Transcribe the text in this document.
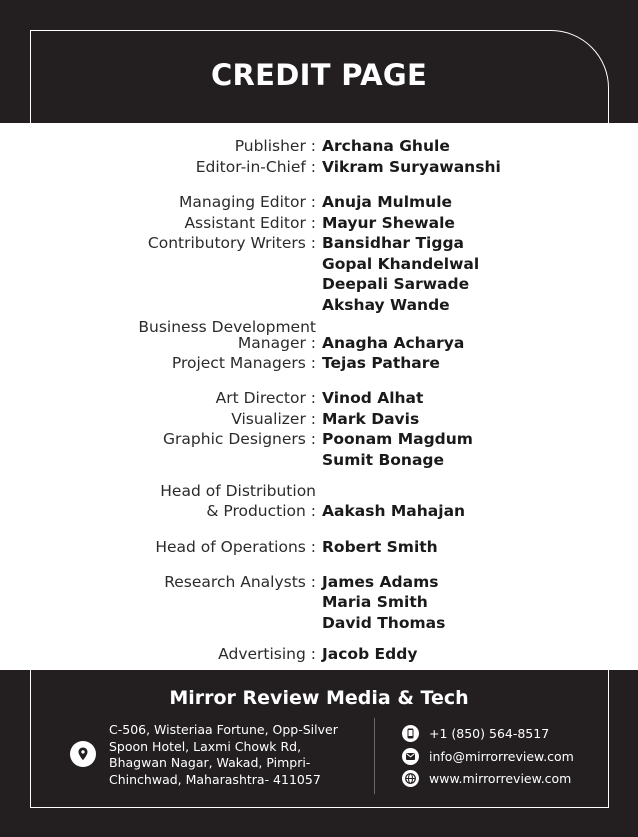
CREDIT PAGE
Publisher : Archana Ghule
Editor-in-Chief : Vikram Suryawanshi
Managing Editor : Anuja Mulmule
Assistant Editor : Mayur Shewale
Contributory Writers : Bansidhar Tigga
Gopal Khandelwal
Deepali Sarwade
Akshay Wande
Business Development
Manager : Anagha Acharya
Project Managers : Tejas Pathare
Art Director : Vinod Alhat
Visualizer : Mark Davis
Graphic Designers : Poonam Magdum
Sumit Bonage
Head of Distribution
& Production : Aakash Mahajan
Head of Operations : Robert Smith
Research Analysts : James Adams
Maria Smith
David Thomas
Advertising : Jacob Eddy
Mirror Review Media & Tech
C-506, Wisteriaa Fortune, Opp-Silver
Spoon Hotel, Laxmi Chowk Rd,
Bhagwan Nagar, Wakad, Pimpri-
Chinchwad, Maharashtra- 411057
+1 (850) 564-8517
info@mirrorreview.com
www.mirrorreview.com
